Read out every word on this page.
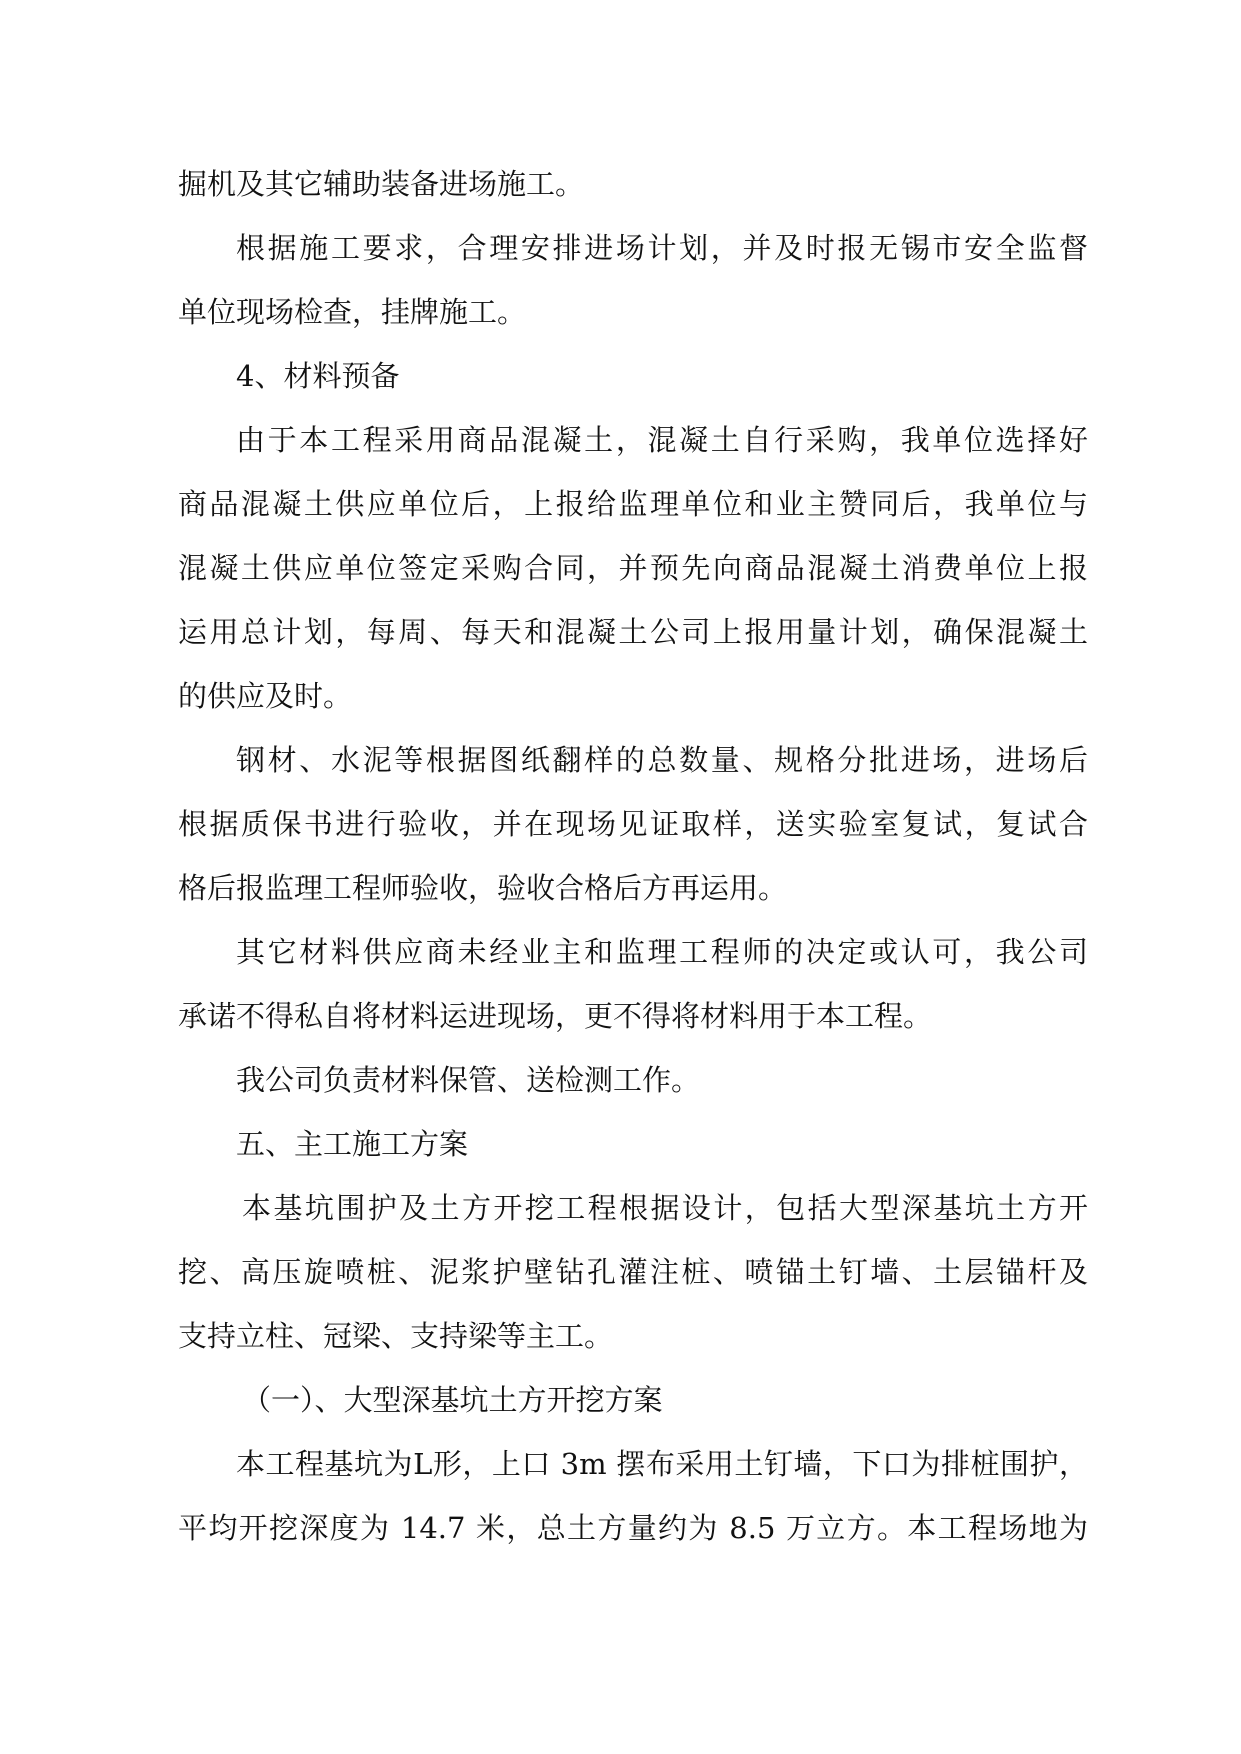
掘机及其它辅助装备进场施工。
根据施工要求，合理安排进场计划，并及时报无锡市安全监督
单位现场检查，挂牌施工。
4、材料预备
由于本工程采用商品混凝土，混凝土自行采购，我单位选择好
商品混凝土供应单位后，上报给监理单位和业主赞同后，我单位与
混凝土供应单位签定采购合同，并预先向商品混凝土消费单位上报
运用总计划，每周、每天和混凝土公司上报用量计划，确保混凝土
的供应及时。
钢材、水泥等根据图纸翻样的总数量、规格分批进场，进场后
根据质保书进行验收，并在现场见证取样，送实验室复试，复试合
格后报监理工程师验收，验收合格后方再运用。
其它材料供应商未经业主和监理工程师的决定或认可，我公司
承诺不得私自将材料运进现场，更不得将材料用于本工程。
我公司负责材料保管、送检测工作。
五、主工施工方案
本基坑围护及土方开挖工程根据设计，包括大型深基坑土方开
挖、高压旋喷桩、泥浆护壁钻孔灌注桩、喷锚土钉墙、土层锚杆及
支持立柱、冠梁、支持梁等主工。
（一）、大型深基坑土方开挖方案
本工程基坑为L形，上口 3m 摆布采用土钉墙，下口为排桩围护，
平均开挖深度为 14.7 米，总土方量约为 8.5 万立方。本工程场地为
